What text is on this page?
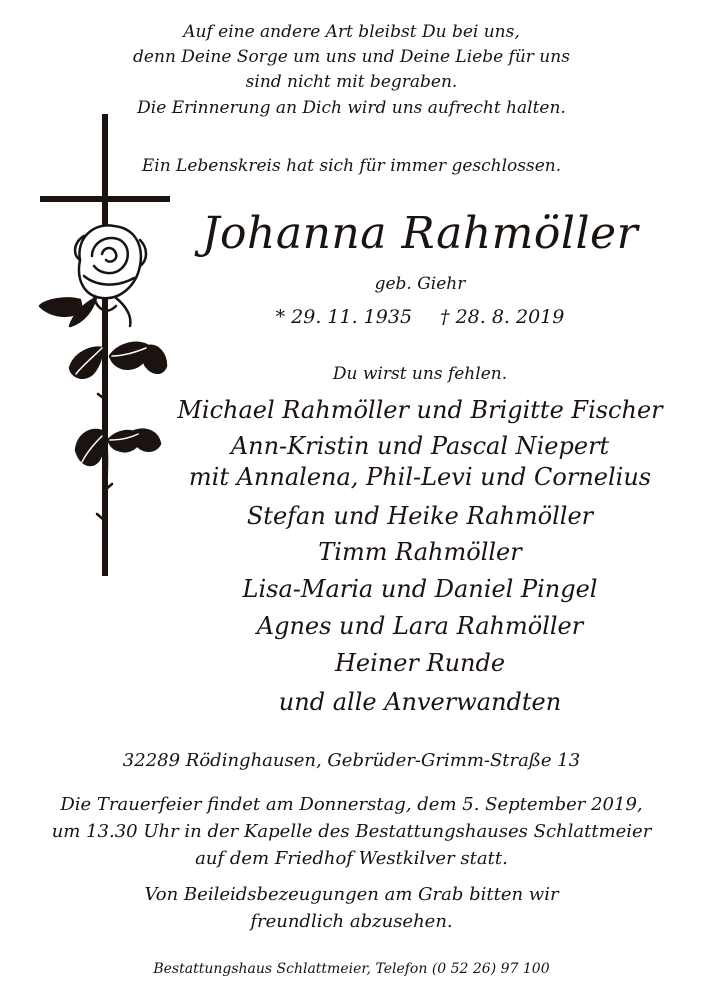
Auf eine andere Art bleibst Du bei uns,
denn Deine Sorge um uns und Deine Liebe für uns
sind nicht mit begraben.
Die Erinnerung an Dich wird uns aufrecht halten.
Ein Lebenskreis hat sich für immer geschlossen.
Johanna Rahmöller
geb. Giehr
* 29. 11. 1935 † 28. 8. 2019
Du wirst uns fehlen.
Michael Rahmöller und Brigitte Fischer
Ann-Kristin und Pascal Niepert
mit Annalena, Phil-Levi und Cornelius
Stefan und Heike Rahmöller
Timm Rahmöller
Lisa-Maria und Daniel Pingel
Agnes und Lara Rahmöller
Heiner Runde
und alle Anverwandten
32289 Rödinghausen, Gebrüder-Grimm-Straße 13
Die Trauerfeier findet am Donnerstag, dem 5. September 2019,
um 13.30 Uhr in der Kapelle des Bestattungshauses Schlattmeier
auf dem Friedhof Westkilver statt.
Von Beileidsbezeugungen am Grab bitten wir
freundlich abzusehen.
Bestattungshaus Schlattmeier, Telefon (0 52 26) 97 100
